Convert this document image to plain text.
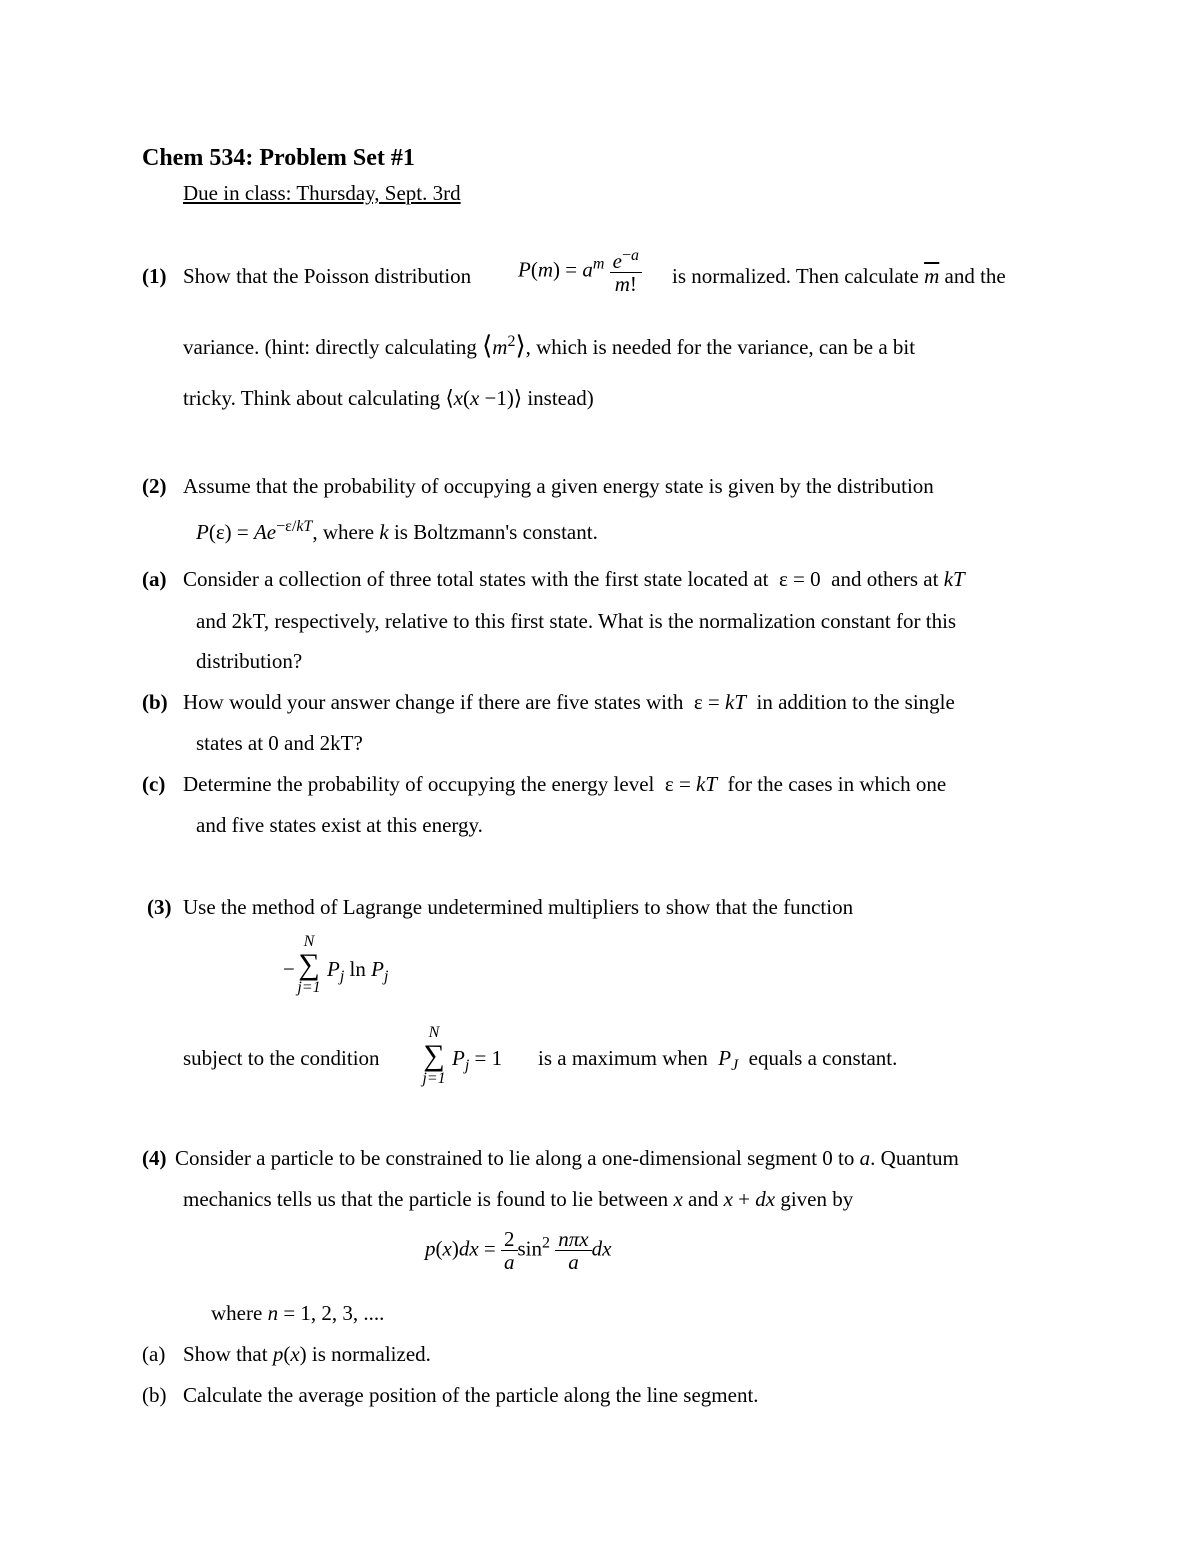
Chem 534: Problem Set #1
Due in class: Thursday, Sept. 3rd
(1) Show that the Poisson distribution $P(m) = a^m \frac{e^{-a}}{m!}$ is normalized. Then calculate $\overline{m}$ and the
variance. (hint: directly calculating $⟨m^2⟩$, which is needed for the variance, can be a bit
tricky. Think about calculating ⟨x(x −1)⟩ instead)
(2) Assume that the probability of occupying a given energy state is given by the distribution
$P(\varepsilon) = Ae^{-\varepsilon/kT}$, where k is Boltzmann's constant.
(a) Consider a collection of three total states with the first state located at  ε = 0  and others at kT
and 2kT, respectively, relative to this first state. What is the normalization constant for this
distribution?
(b) How would your answer change if there are five states with  ε = kT in addition to the single
states at 0 and 2kT?
(c) Determine the probability of occupying the energy level  ε = kT for the cases in which one
and five states exist at this energy.
(3) Use the method of Lagrange undetermined multipliers to show that the function
−
N
∑
j=1
$P_j$ $\ln P_j$
subject to the condition
N
∑
j=1
$P_j = 1$ is a maximum when $P_J$ equals a constant.
(4) Consider a particle to be constrained to lie along a one-dimensional segment 0 to a. Quantum
mechanics tells us that the particle is found to lie between x and x + dx given by
$p(x)dx = \frac{2}{a} \sin^2 \frac{\text{nπx}}{a}$ dx
where n = 1, 2, 3, ....
(a) Show that p(x) is normalized.
(b) Calculate the average position of the particle along the line segment.
